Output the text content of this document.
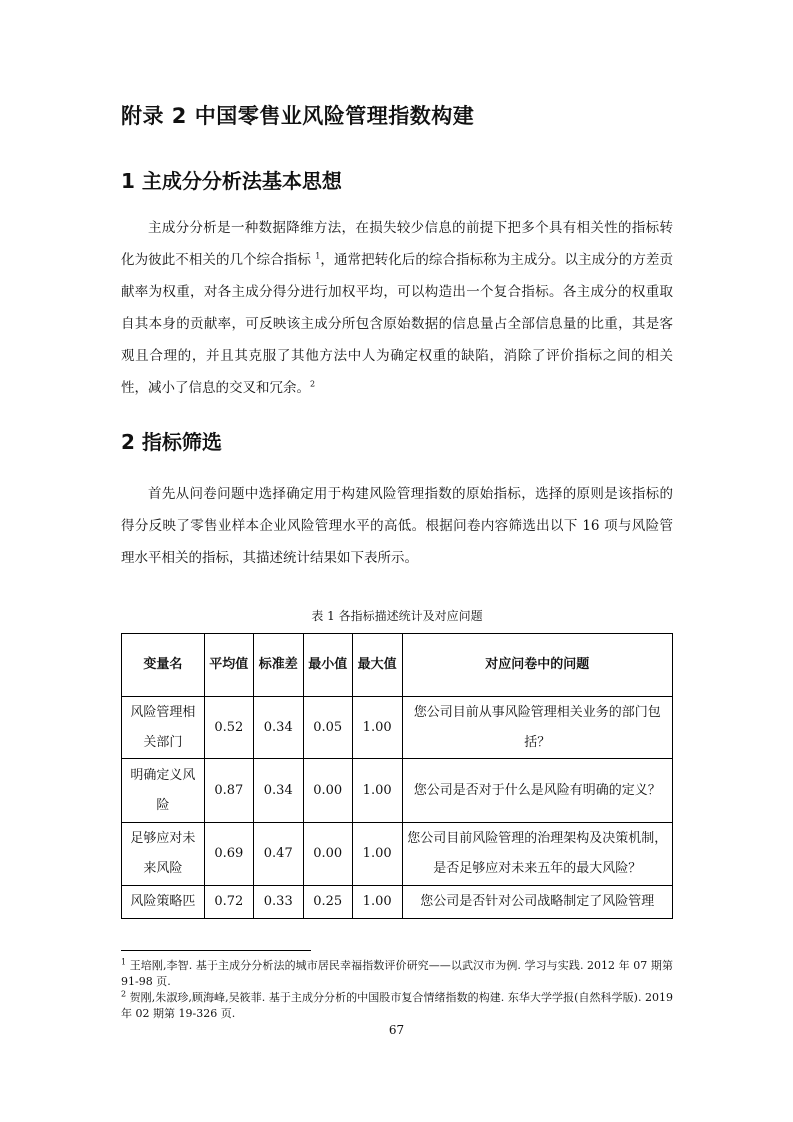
附录 2 中国零售业风险管理指数构建
1 主成分分析法基本思想

主成分分析是一种数据降维方法，在损失较少信息的前提下把多个具有相关性的指标转化为彼此不相关的几个综合指标 $^1$，通常把转化后的综合指标称为主成分。以主成分的方差贡献率为权重，对各主成分得分进行加权平均，可以构造出一个复合指标。各主成分的权重取自其本身的贡献率，可反映该主成分所包含原始数据的信息量占全部信息量的比重，其是客观且合理的，并且其克服了其他方法中人为确定权重的缺陷，消除了评价指标之间的相关性，减小了信息的交叉和冗余。$^2$

2 指标筛选

首先从问卷问题中选择确定用于构建风险管理指数的原始指标，选择的原则是该指标的得分反映了零售业样本企业风险管理水平的高低。根据问卷内容筛选出以下 16 项与风险管理水平相关的指标，其描述统计结果如下表所示。

表 1 各指标描述统计及对应问题
变量名	平均值	标准差	最小值	最大值	对应问卷中的问题
风险管理相关部门	0.52	0.34	0.05	1.00	您公司目前从事风险管理相关业务的部门包括？
明确定义风险	0.87	0.34	0.00	1.00	您公司是否对于什么是风险有明确的定义？
足够应对未来风险	0.69	0.47	0.00	1.00	您公司目前风险管理的治理架构及决策机制，是否足够应对未来五年的最大风险？
风险策略匹	0.72	0.33	0.25	1.00	您公司是否针对公司战略制定了风险管理

$^1$ 王培刚,李智. 基于主成分分析法的城市居民幸福指数评价研究——以武汉市为例. 学习与实践. 2012 年 07 期第 91-98 页.

$^2$ 贺刚,朱淑珍,顾海峰,吴筱菲. 基于主成分分析的中国股市复合情绪指数的构建. 东华大学学报(自然科学版). 2019 年 02 期第 19-326 页.

67
